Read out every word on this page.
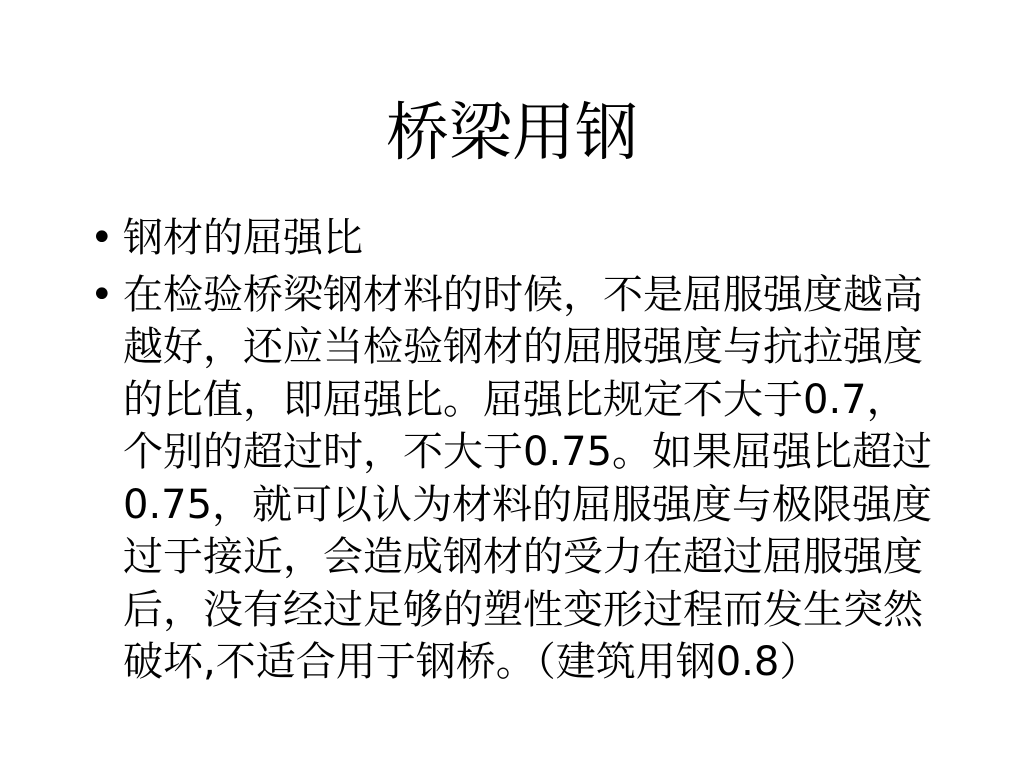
桥梁用钢
• 钢材的屈强比
• 在检验桥梁钢材料的时候，不是屈服强度越高
越好，还应当检验钢材的屈服强度与抗拉强度
的比值，即屈强比。屈强比规定不大于0.7，
个别的超过时，不大于0.75。如果屈强比超过
0.75，就可以认为材料的屈服强度与极限强度
过于接近，会造成钢材的受力在超过屈服强度
后，没有经过足够的塑性变形过程而发生突然
破坏,不适合用于钢桥。（建筑用钢0.8）
